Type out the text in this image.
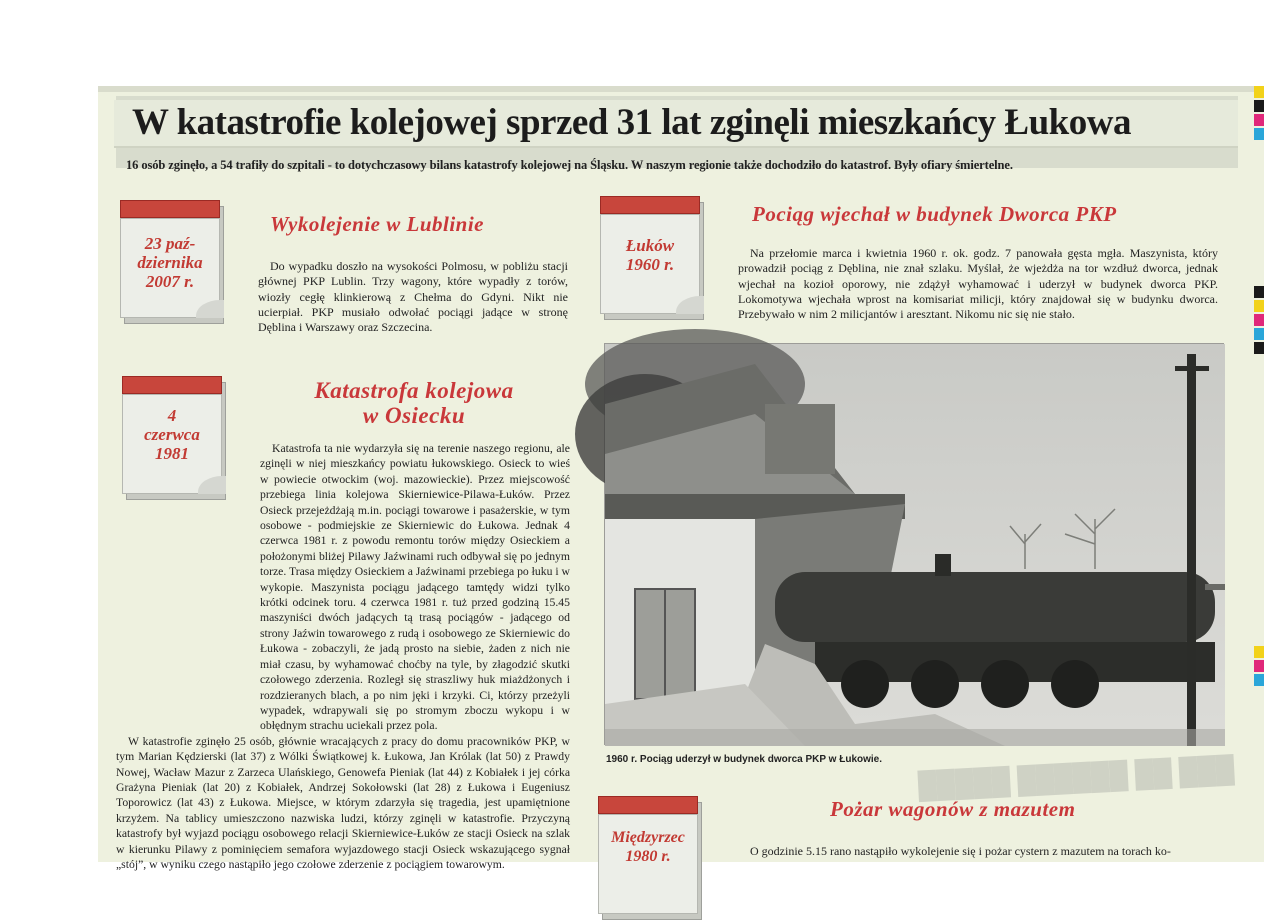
W katastrofie kolejowej sprzed 31 lat zginęli mieszkańcy Łukowa
16 osób zginęło, a 54 trafiły do szpitali - to dotychczasowy bilans katastrofy kolejowej na Śląsku. W naszym regionie także dochodziło do katastrof. Były ofiary śmiertelne.
█████ ██████ ██ ███
23 paź-
dziernika
2007 r.
Wykolejenie w Lublinie

Do wypadku doszło na wysokości Polmosu, w pobliżu stacji głównej PKP Lublin. Trzy wagony, które wypadły z torów, wiozły cegłę klinkierową z Chełma do Gdyni. Nikt nie ucierpiał. PKP musiało odwołać pociągi jadące w stronę Dęblina i Warszawy oraz Szczecina.

4
czerwca
1981
Katastrofa kolejowa
w Osiecku

Katastrofa ta nie wydarzyła się na terenie naszego regionu, ale zginęli w niej mieszkańcy powiatu łukowskiego. Osieck to wieś w powiecie otwockim (woj. mazowieckie). Przez miejscowość przebiega linia kolejowa Skierniewice-Pilawa-Łuków. Przez Osieck przejeżdżają m.in. pociągi towarowe i pasażerskie, w tym osobowe - podmiejskie ze Skierniewic do Łukowa. Jednak 4 czerwca 1981 r. z powodu remontu torów między Osieckiem a położonymi bliżej Pilawy Jaźwinami ruch odbywał się po jednym torze. Trasa między Osieckiem a Jaźwinami przebiega po łuku i w wykopie. Maszynista pociągu jadącego tamtędy widzi tylko krótki odcinek toru. 4 czerwca 1981 r. tuż przed godziną 15.45 maszyniści dwóch jadących tą trasą pociągów - jadącego od strony Jaźwin towarowego z rudą i osobowego ze Skierniewic do Łukowa - zobaczyli, że jadą prosto na siebie, żaden z nich nie miał czasu, by wyhamować choćby na tyle, by złagodzić skutki czołowego zderzenia. Rozległ się straszliwy huk miażdżonych i rozdzieranych blach, a po nim jęki i krzyki. Ci, którzy przeżyli wypadek, wdrapywali się po stromym zboczu wykopu i w obłędnym strachu uciekali przez pola.

W katastrofie zginęło 25 osób, głównie wracających z pracy do domu pracowników PKP, w tym Marian Kędzierski (lat 37) z Wólki Świątkowej k. Łukowa, Jan Królak (lat 50) z Prawdy Nowej, Wacław Mazur z Zarzeca Ulańskiego, Genowefa Pieniak (lat 44) z Kobiałek i jej córka Grażyna Pieniak (lat 20) z Kobiałek, Andrzej Sokołowski (lat 28) z Łukowa i Eugeniusz Toporowicz (lat 43) z Łukowa. Miejsce, w którym zdarzyła się tragedia, jest upamiętnione krzyżem. Na tablicy umieszczono nazwiska ludzi, którzy zginęli w katastrofie. Przyczyną katastrofy był wyjazd pociągu osobowego relacji Skierniewice-Łuków ze stacji Osieck na szlak w kierunku Pilawy z pominięciem semafora wyjazdowego stacji Osieck wskazującego sygnał „stój”, w wyniku czego nastąpiło jego czołowe zderzenie z pociągiem towarowym.

Łuków
1960 r.
Pociąg wjechał w budynek Dworca PKP

Na przełomie marca i kwietnia 1960 r. ok. godz. 7 panowała gęsta mgła. Maszynista, który prowadził pociąg z Dęblina, nie znał szlaku. Myślał, że wjeżdża na tor wzdłuż dworca, jednak wjechał na kozioł oporowy, nie zdążył wyhamować i uderzył w budynek dworca PKP. Lokomotywa wjechała wprost na komisariat milicji, który znajdował się w budynku dworca. Przebywało w nim 2 milicjantów i aresztant. Nikomu nic się nie stało.

1960 r. Pociąg uderzył w budynek dworca PKP w Łukowie.
Międzyrzec
1980 r.
Pożar wagonów z mazutem

O godzinie 5.15 rano nastąpiło wykolejenie się i pożar cystern z mazutem na torach ko-
